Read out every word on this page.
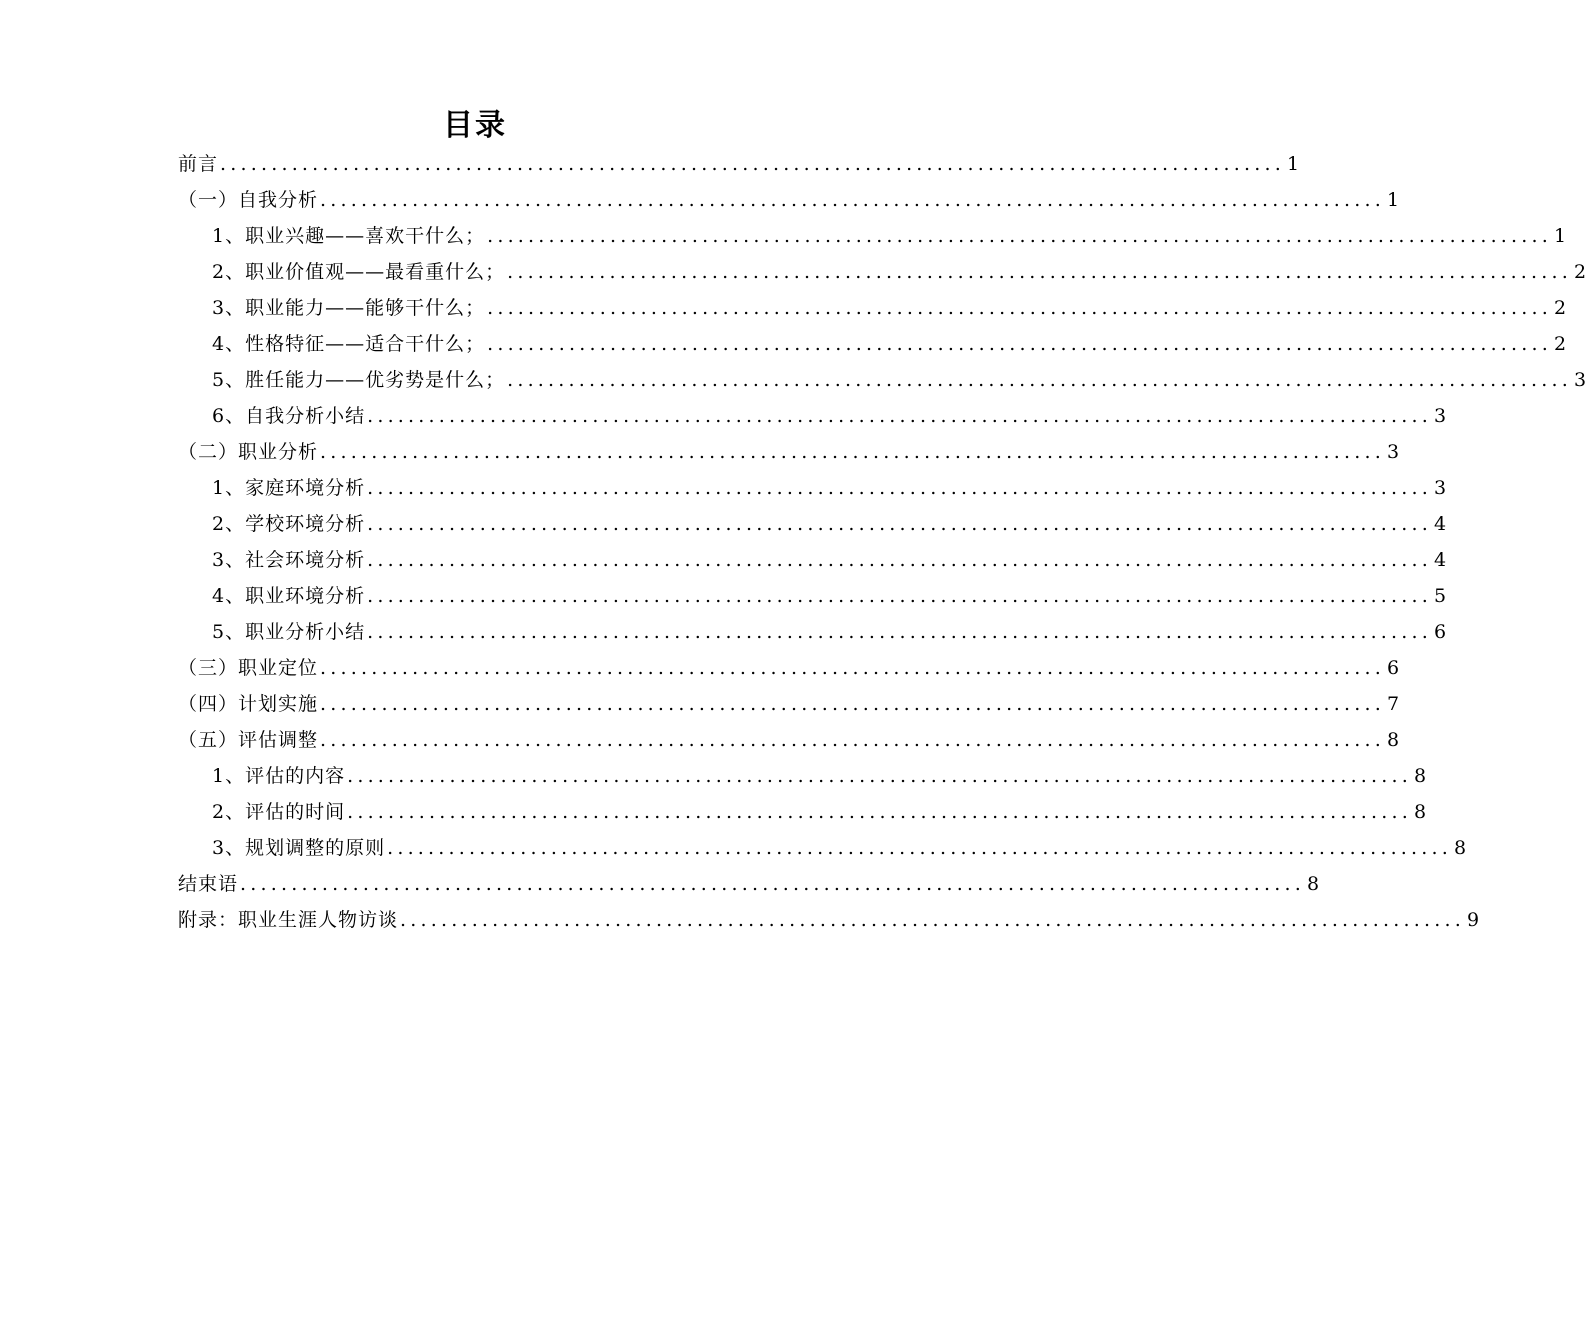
目录
前言 ........................................................................................................ 1
（一）自我分析 ........................................................................................................ 1
1、职业兴趣——喜欢干什么； ........................................................................................................ 1
2、职业价值观——最看重什么； ........................................................................................................ 2
3、职业能力——能够干什么； ........................................................................................................ 2
4、性格特征——适合干什么； ........................................................................................................ 2
5、胜任能力——优劣势是什么； ........................................................................................................ 3
6、自我分析小结 ........................................................................................................ 3
（二）职业分析 ........................................................................................................ 3
1、家庭环境分析 ........................................................................................................ 3
2、学校环境分析 ........................................................................................................ 4
3、社会环境分析 ........................................................................................................ 4
4、职业环境分析 ........................................................................................................ 5
5、职业分析小结 ........................................................................................................ 6
（三）职业定位 ........................................................................................................ 6
（四）计划实施 ........................................................................................................ 7
（五）评估调整 ........................................................................................................ 8
1、评估的内容 ........................................................................................................ 8
2、评估的时间 ........................................................................................................ 8
3、规划调整的原则 ........................................................................................................ 8
结束语 ........................................................................................................ 8
附录：职业生涯人物访谈 ........................................................................................................ 9
